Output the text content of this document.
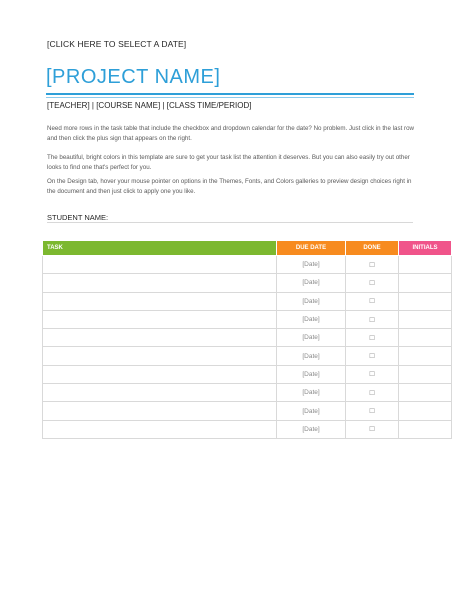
[CLICK HERE TO SELECT A DATE]
[PROJECT NAME]
[TEACHER] | [COURSE NAME] | [CLASS TIME/PERIOD]
Need more rows in the task table that include the checkbox and dropdown calendar for the date? No problem. Just click in the last row and then click the plus sign that appears on the right.
The beautiful, bright colors in this template are sure to get your task list the attention it deserves. But you can also easily try out other looks to find one that's perfect for you.
On the Design tab, hover your mouse pointer on options in the Themes, Fonts, and Colors galleries to preview design choices right in the document and then just click to apply one you like.
STUDENT NAME:
TASK	DUE DATE	DONE	INITIALS
	[Date]	☐	
	[Date]	☐	
	[Date]	☐	
	[Date]	☐	
	[Date]	☐	
	[Date]	☐	
	[Date]	☐	
	[Date]	☐	
	[Date]	☐	
	[Date]	☐	
